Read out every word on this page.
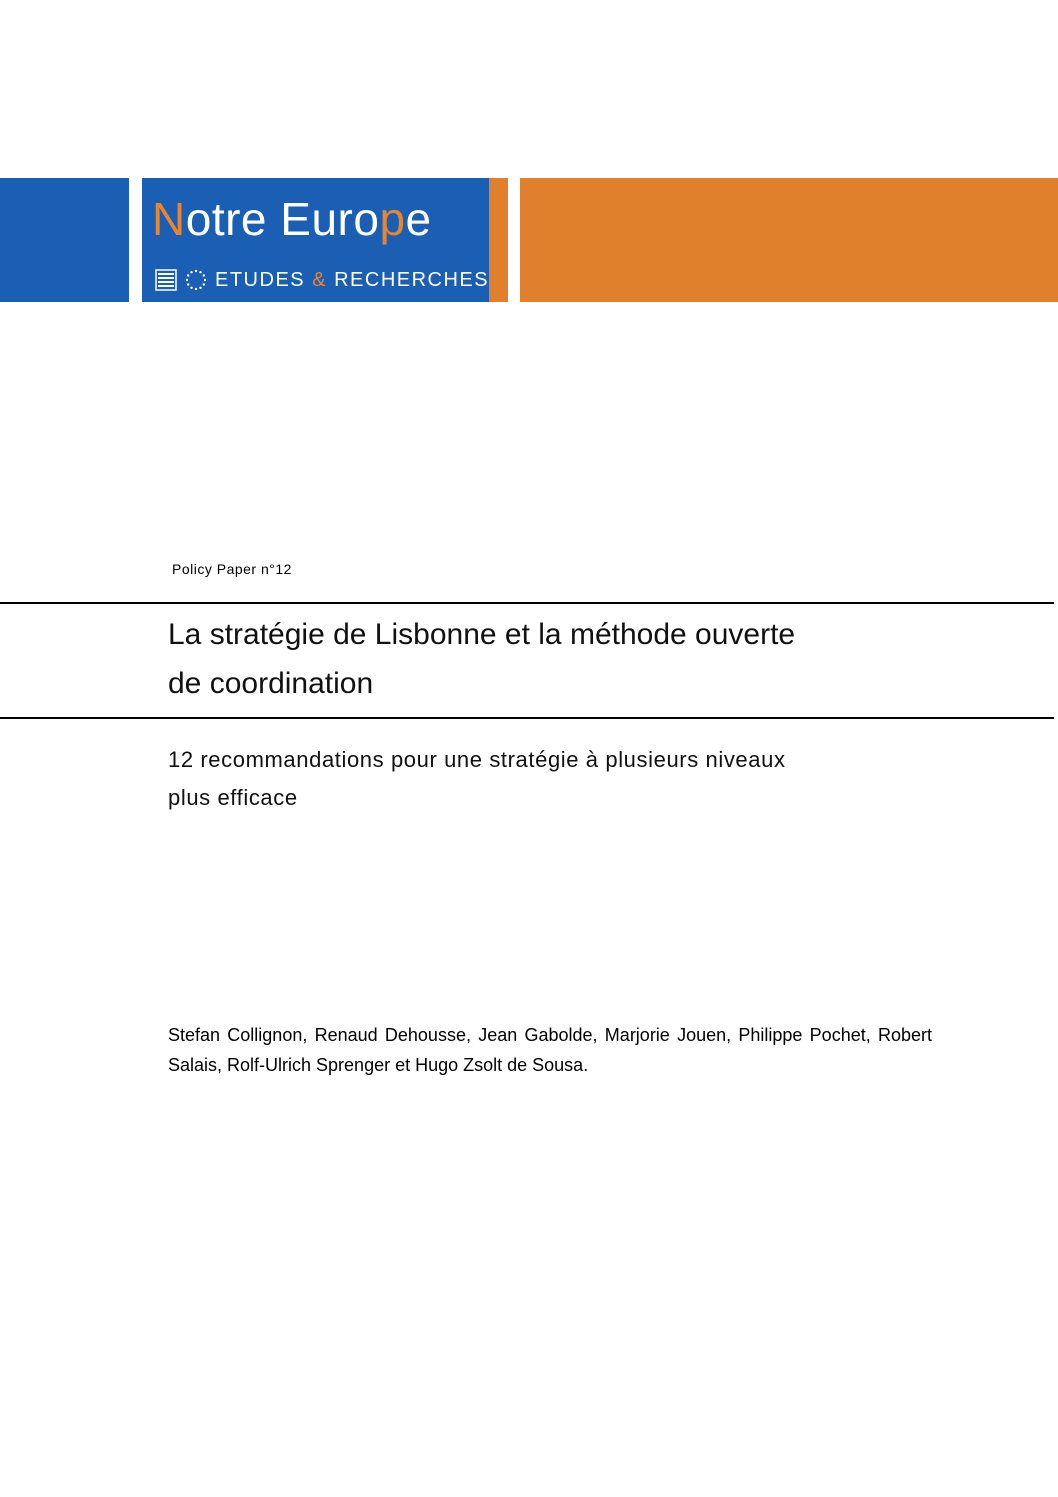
Notre Europe
ETUDES & RECHERCHES
Policy Paper n°12
La stratégie de Lisbonne et la méthode ouverte
de coordination

12 recommandations pour une stratégie à plusieurs niveaux
plus efficace

Stefan Collignon, Renaud Dehousse, Jean Gabolde, Marjorie Jouen, Philippe Pochet, Robert Salais, Rolf-Ulrich Sprenger et Hugo Zsolt de Sousa.
